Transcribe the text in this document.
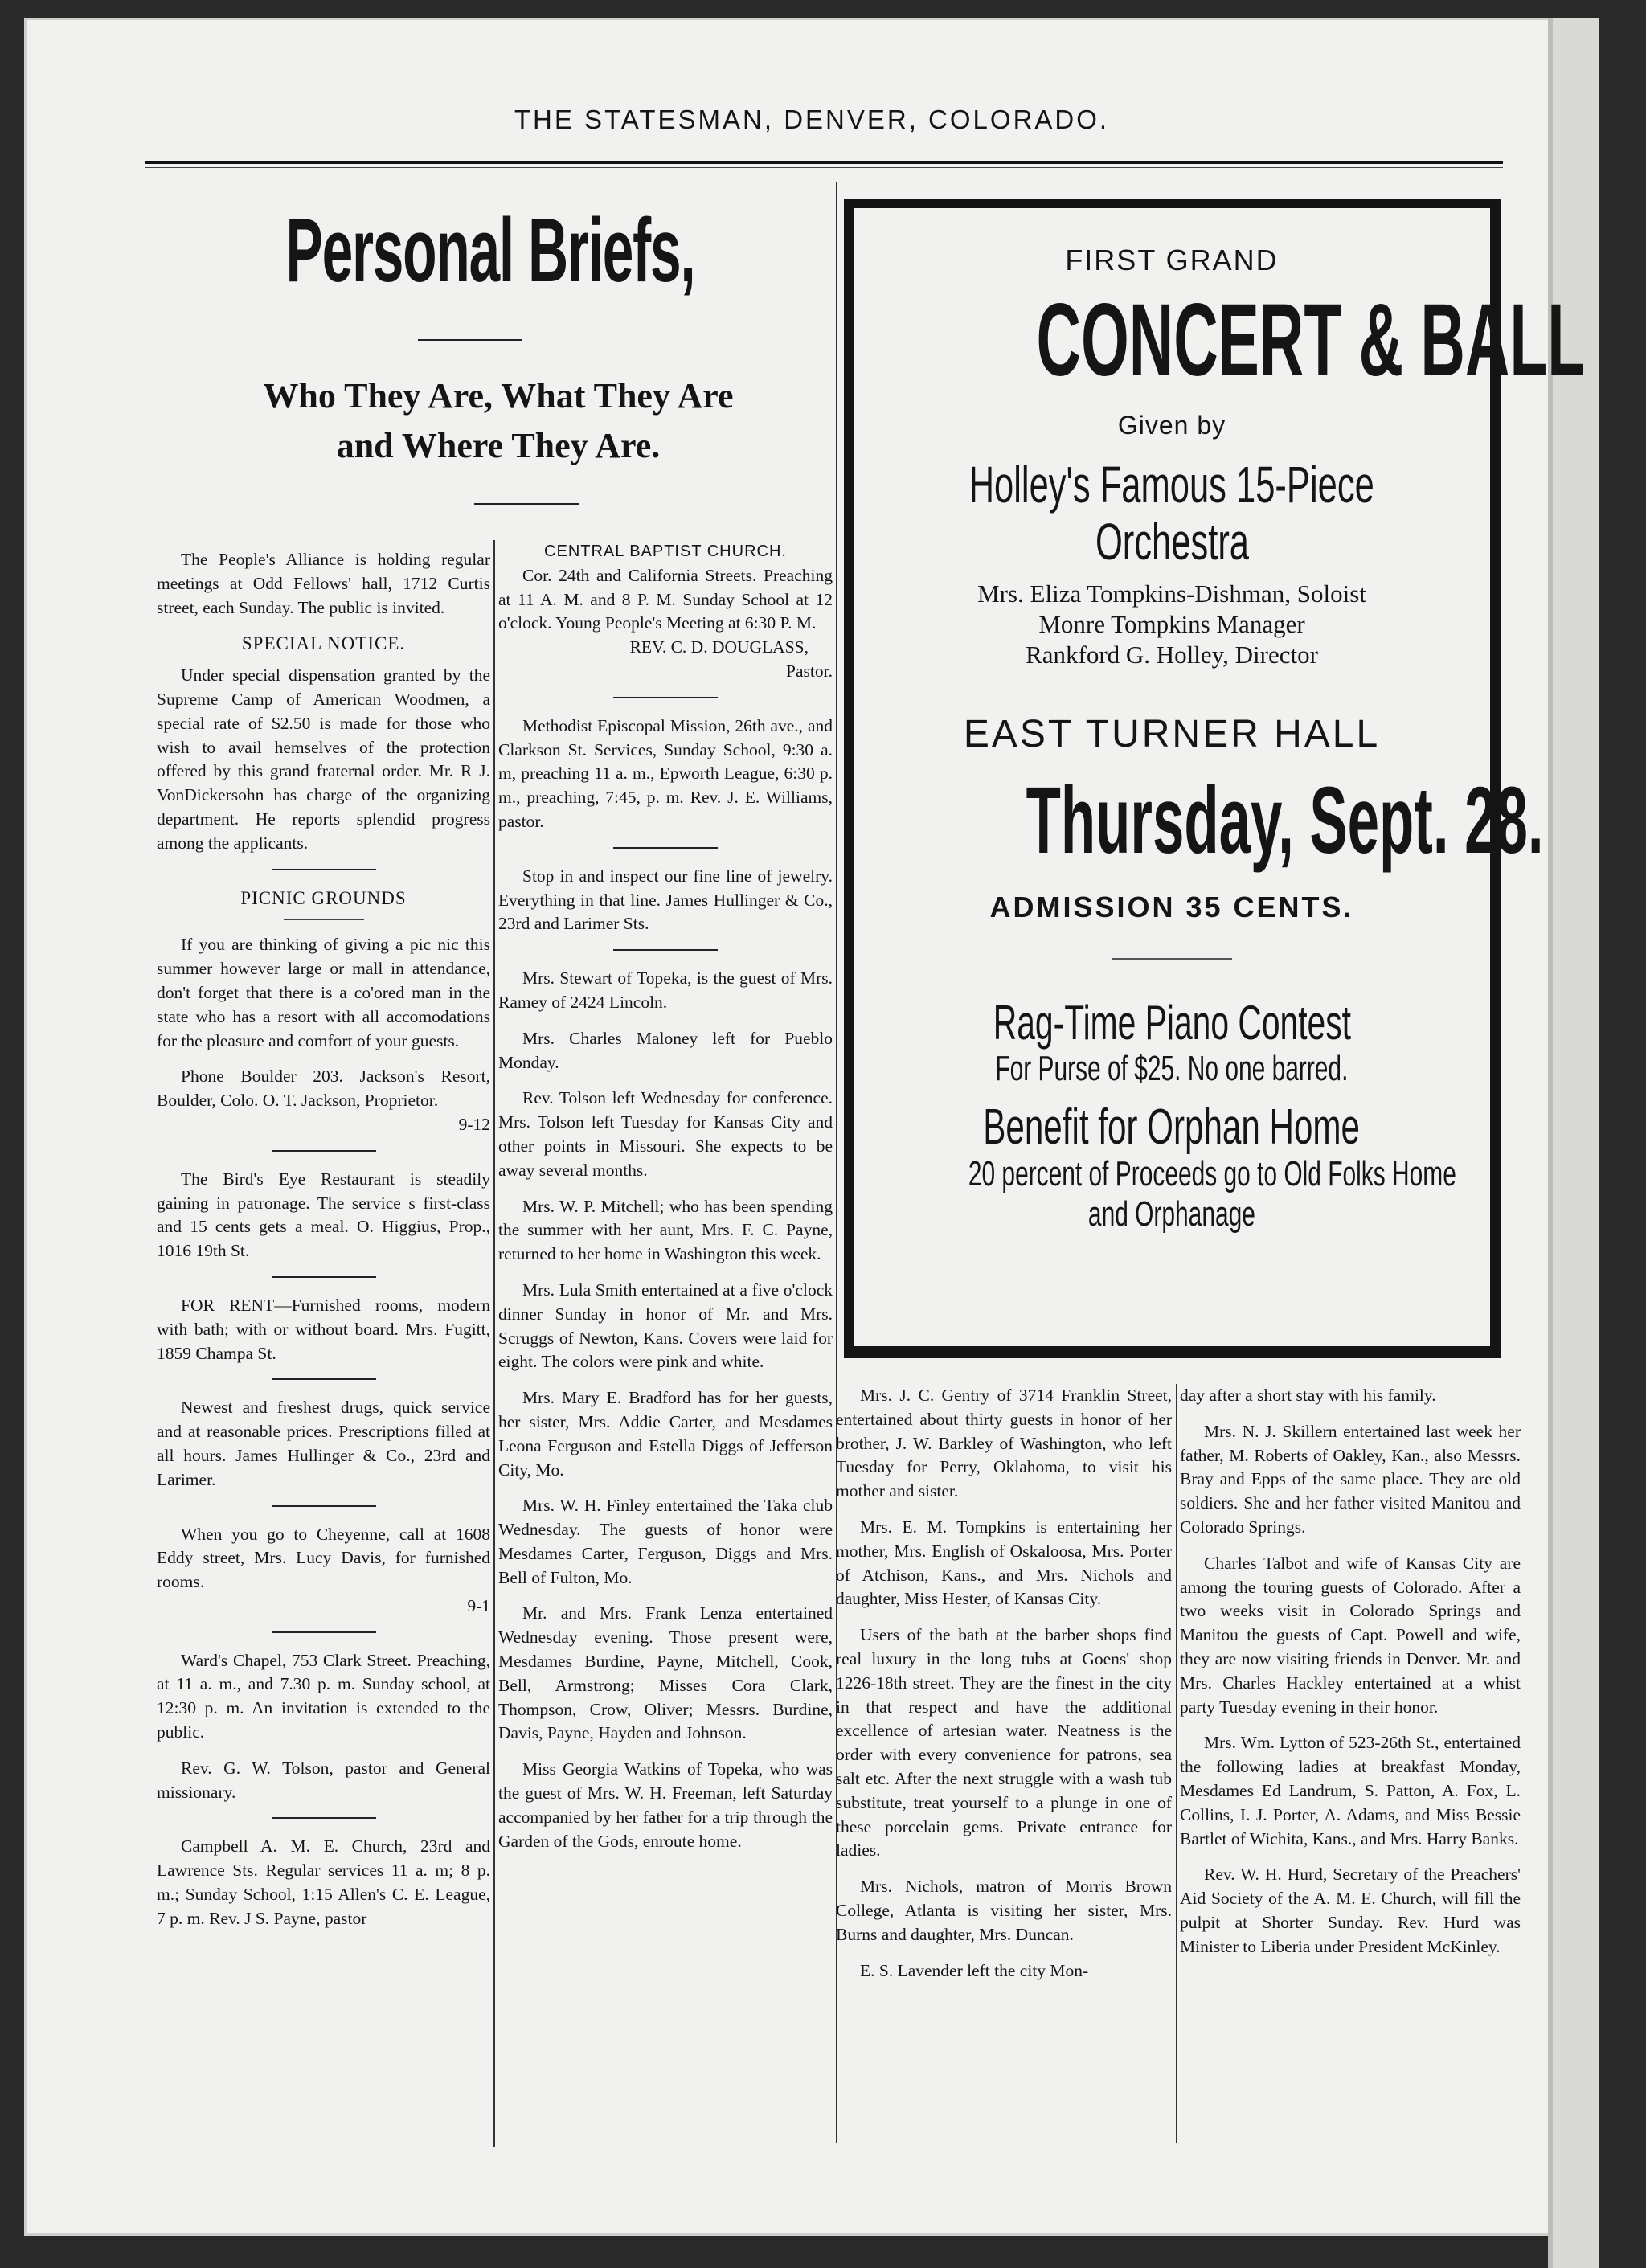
THE STATESMAN, DENVER, COLORADO.
Personal Briefs,
Who They Are, What They Are
and Where They Are.

The People's Alliance is holding regular meetings at Odd Fellows' hall, 1712 Curtis street, each Sunday. The public is invited.

SPECIAL NOTICE.

Under special dispensation granted by the Supreme Camp of American Woodmen, a special rate of $2.50 is made for those who wish to avail hemselves of the protection offered by this grand fraternal order. Mr. R J. VonDickersohn has charge of the organizing department. He reports splendid progress among the applicants.

PICNIC GROUNDS

If you are thinking of giving a pic nic this summer however large or mall in attendance, don't forget that there is a co'ored man in the state who has a resort with all accomodations for the pleasure and comfort of your guests.

Phone Boulder 203. Jackson's Resort, Boulder, Colo. O. T. Jackson, Proprietor.

9-12

The Bird's Eye Restaurant is steadily gaining in patronage. The service s first-class and 15 cents gets a meal. O. Higgius, Prop., 1016 19th St.

FOR RENT—Furnished rooms, modern with bath; with or without board. Mrs. Fugitt, 1859 Champa St.

Newest and freshest drugs, quick service and at reasonable prices. Prescriptions filled at all hours. James Hullinger & Co., 23rd and Larimer.

When you go to Cheyenne, call at 1608 Eddy street, Mrs. Lucy Davis, for furnished rooms.

9-1

Ward's Chapel, 753 Clark Street. Preaching, at 11 a. m., and 7.30 p. m. Sunday school, at 12:30 p. m. An invitation is extended to the public.

Rev. G. W. Tolson, pastor and General missionary.

Campbell A. M. E. Church, 23rd and Lawrence Sts. Regular services 11 a. m; 8 p. m.; Sunday School, 1:15 Allen's C. E. League, 7 p. m. Rev. J S. Payne, pastor

CENTRAL BAPTIST CHURCH.

Cor. 24th and California Streets. Preaching at 11 A. M. and 8 P. M. Sunday School at 12 o'clock. Young People's Meeting at 6:30 P. M.

REV. C. D. DOUGLASS,
Pastor.

Methodist Episcopal Mission, 26th ave., and Clarkson St. Services, Sunday School, 9:30 a. m, preaching 11 a. m., Epworth League, 6:30 p. m., preaching, 7:45, p. m. Rev. J. E. Williams, pastor.

Stop in and inspect our fine line of jewelry. Everything in that line. James Hullinger & Co., 23rd and Larimer Sts.

Mrs. Stewart of Topeka, is the guest of Mrs. Ramey of 2424 Lincoln.

Mrs. Charles Maloney left for Pueblo Monday.

Rev. Tolson left Wednesday for conference. Mrs. Tolson left Tuesday for Kansas City and other points in Missouri. She expects to be away several months.

Mrs. W. P. Mitchell; who has been spending the summer with her aunt, Mrs. F. C. Payne, returned to her home in Washington this week.

Mrs. Lula Smith entertained at a five o'clock dinner Sunday in honor of Mr. and Mrs. Scruggs of Newton, Kans. Covers were laid for eight. The colors were pink and white.

Mrs. Mary E. Bradford has for her guests, her sister, Mrs. Addie Carter, and Mesdames Leona Ferguson and Estella Diggs of Jefferson City, Mo.

Mrs. W. H. Finley entertained the Taka club Wednesday. The guests of honor were Mesdames Carter, Ferguson, Diggs and Mrs. Bell of Fulton, Mo.

Mr. and Mrs. Frank Lenza entertained Wednesday evening. Those present were, Mesdames Burdine, Payne, Mitchell, Cook, Bell, Armstrong; Misses Cora Clark, Thompson, Crow, Oliver; Messrs. Burdine, Davis, Payne, Hayden and Johnson.

Miss Georgia Watkins of Topeka, who was the guest of Mrs. W. H. Freeman, left Saturday accompanied by her father for a trip through the Garden of the Gods, enroute home.

FIRST GRAND
CONCERT & BALL
Given by
Holley's Famous 15-Piece
Orchestra
Mrs. Eliza Tompkins-Dishman, Soloist
Monre Tompkins Manager
Rankford G. Holley, Director
EAST TURNER HALL
Thursday, Sept. 28.
ADMISSION 35 CENTS.
Rag-Time Piano Contest
For Purse of $25. No one barred.
Benefit for Orphan Home
20 percent of Proceeds go to Old Folks Home
and Orphanage

Mrs. J. C. Gentry of 3714 Franklin Street, entertained about thirty guests in honor of her brother, J. W. Barkley of Washington, who left Tuesday for Perry, Oklahoma, to visit his mother and sister.

Mrs. E. M. Tompkins is entertaining her mother, Mrs. English of Oskaloosa, Mrs. Porter of Atchison, Kans., and Mrs. Nichols and daughter, Miss Hester, of Kansas City.

Users of the bath at the barber shops find real luxury in the long tubs at Goens' shop 1226-18th street. They are the finest in the city in that respect and have the additional excellence of artesian water. Neatness is the order with every convenience for patrons, sea salt etc. After the next struggle with a wash tub substitute, treat yourself to a plunge in one of these porcelain gems. Private entrance for ladies.

Mrs. Nichols, matron of Morris Brown College, Atlanta is visiting her sister, Mrs. Burns and daughter, Mrs. Duncan.

E. S. Lavender left the city Mon-

day after a short stay with his family.

Mrs. N. J. Skillern entertained last week her father, M. Roberts of Oakley, Kan., also Messrs. Bray and Epps of the same place. They are old soldiers. She and her father visited Manitou and Colorado Springs.

Charles Talbot and wife of Kansas City are among the touring guests of Colorado. After a two weeks visit in Colorado Springs and Manitou the guests of Capt. Powell and wife, they are now visiting friends in Denver. Mr. and Mrs. Charles Hackley entertained at a whist party Tuesday evening in their honor.

Mrs. Wm. Lytton of 523-26th St., entertained the following ladies at breakfast Monday, Mesdames Ed Landrum, S. Patton, A. Fox, L. Collins, I. J. Porter, A. Adams, and Miss Bessie Bartlet of Wichita, Kans., and Mrs. Harry Banks.

Rev. W. H. Hurd, Secretary of the Preachers' Aid Society of the A. M. E. Church, will fill the pulpit at Shorter Sunday. Rev. Hurd was Minister to Liberia under President McKinley.
